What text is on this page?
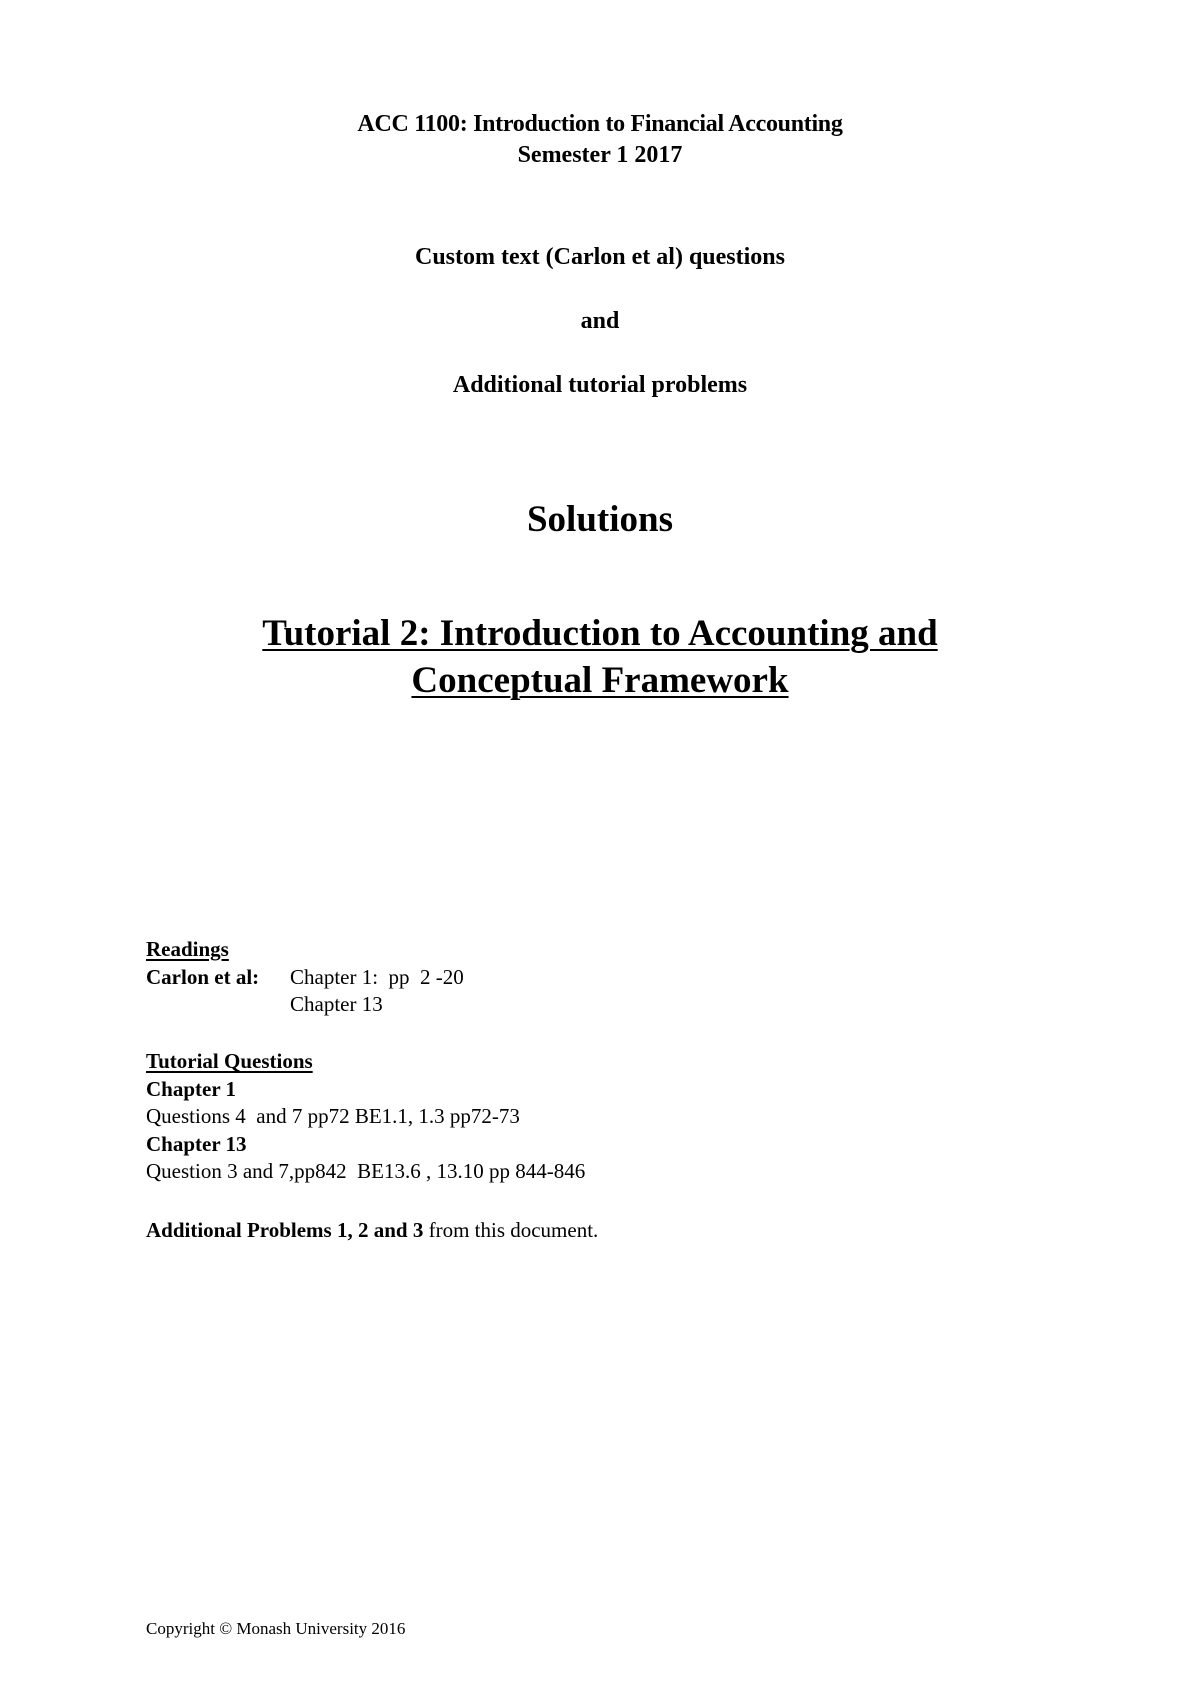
ACC 1100: Introduction to Financial Accounting
Semester 1 2017
Custom text (Carlon et al) questions
and
Additional tutorial problems
Solutions
Tutorial 2: Introduction to Accounting and
Conceptual Framework
Readings
Carlon et al: Chapter 1:  pp  2 -20
Chapter 13
Tutorial Questions
Chapter 1
Questions 4  and 7 pp72 BE1.1, 1.3 pp72-73
Chapter 13
Question 3 and 7,pp842  BE13.6 , 13.10 pp 844-846
Additional Problems 1, 2 and 3 from this document.
Copyright © Monash University 2016
